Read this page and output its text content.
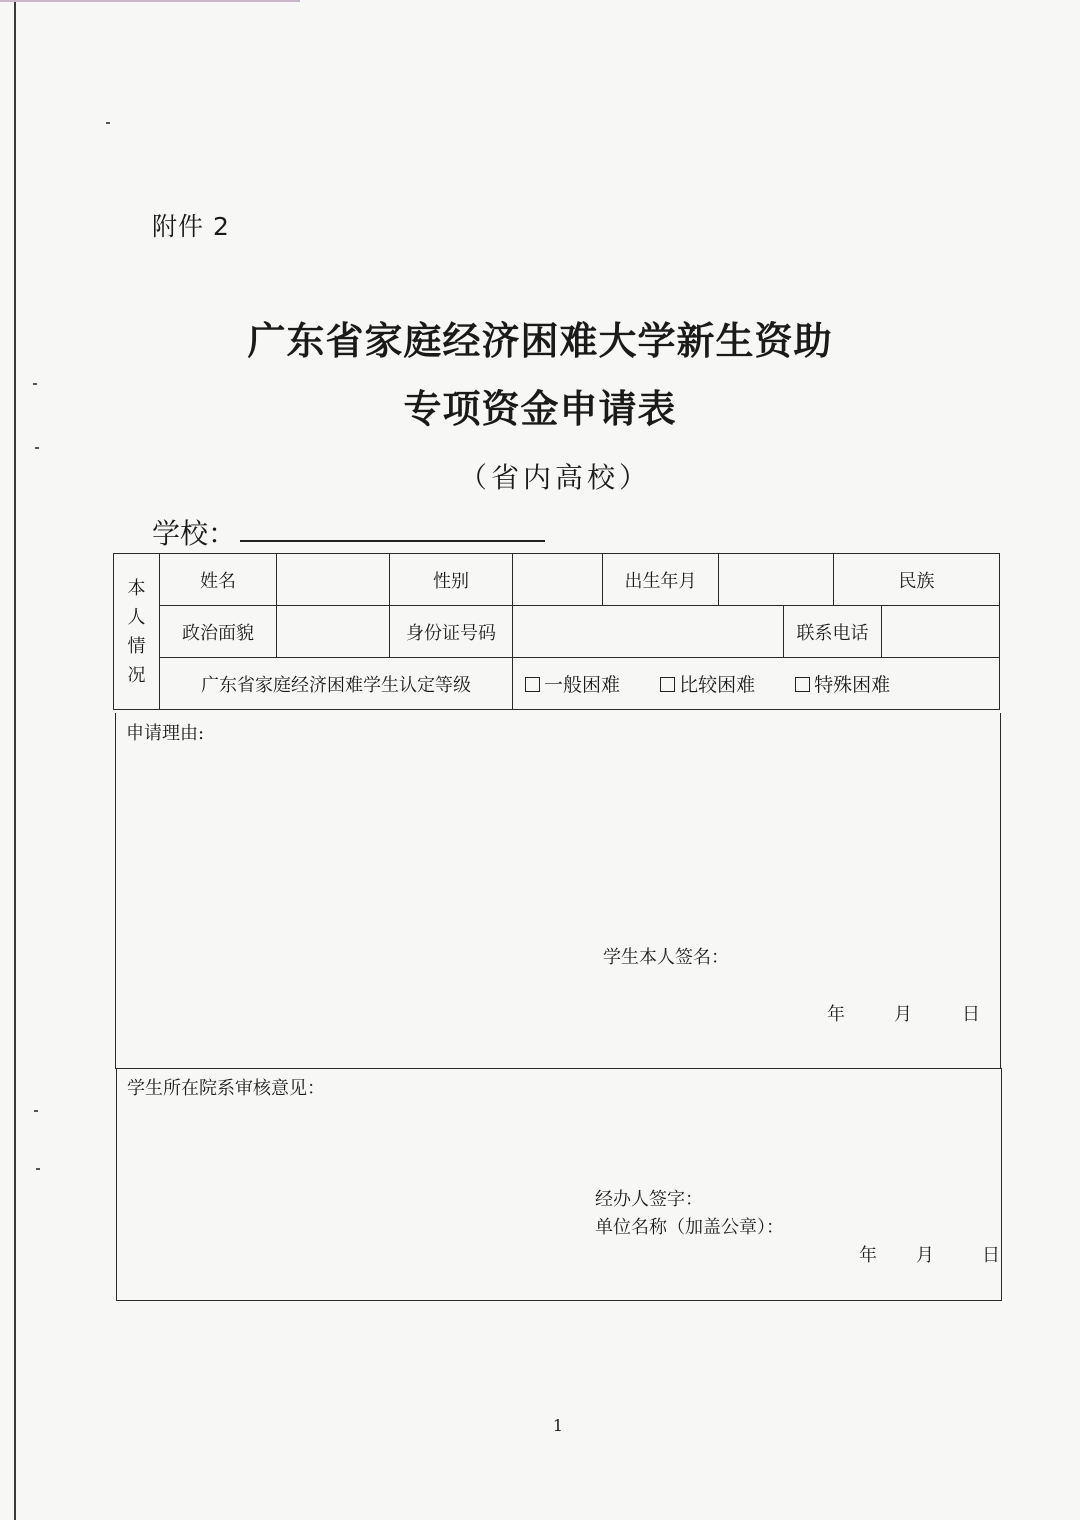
附件 2
广东省家庭经济困难大学新生资助
专项资金申请表
（省内高校）
学校：
本
人
情
况	姓名		性别		出生年月			民族		
	政治面貌		身份证号码				联系电话			
	广东省家庭经济困难学生认定等级			一般困难 比较困难 特殊困难						
申请理由:
学生本人签名：
年	月	日
学生所在院系审核意见：
经办人签字：
单位名称（加盖公章）：
年 月	日
1
